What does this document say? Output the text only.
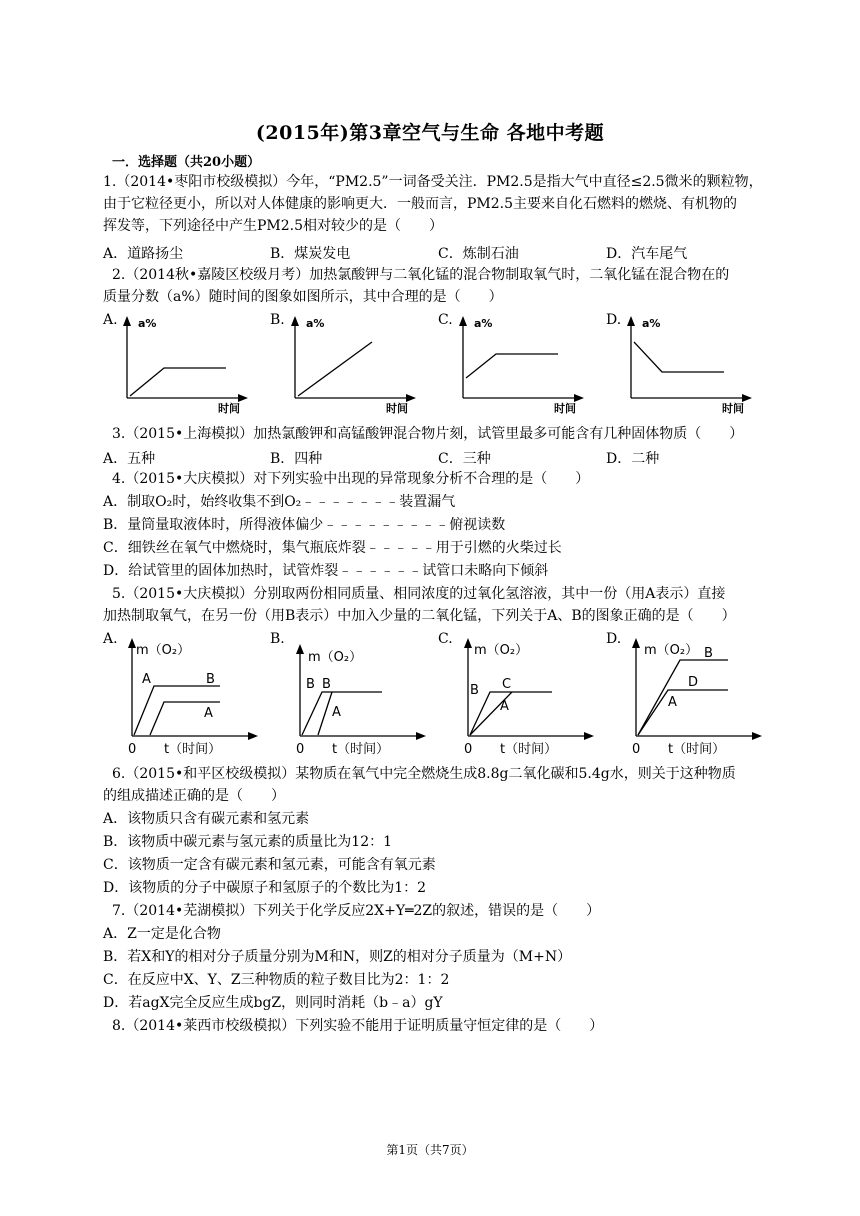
(2015年)第3章空气与生命 各地中考题
一．选择题（共20小题）
1.（2014•枣阳市校级模拟）今年，“PM2.5”一词备受关注．PM2.5是指大气中直径≤2.5微米的颗粒物，
由于它粒径更小，所以对人体健康的影响更大．一般而言，PM2.5主要来自化石燃料的燃烧、有机物的
挥发等，下列途径中产生PM2.5相对较少的是（　　）
A．道路扬尘	B．煤炭发电	C．炼制石油	D．汽车尾气
2.（2014秋•嘉陵区校级月考）加热氯酸钾与二氧化锰的混合物制取氧气时，二氧化锰在混合物在的
质量分数（a%）随时间的图象如图所示，其中合理的是（　　）
A.	B.	C.	D.
a%
时间
a%
时间
a%
时间
a%
时间
3.（2015•上海模拟）加热氯酸钾和高锰酸钾混合物片刻，试管里最多可能含有几种固体物质（　　）
A．五种	B．四种	C．三种	D．二种
4.（2015•大庆模拟）对下列实验中出现的异常现象分析不合理的是（　　）
A．制取O₂时，始终收集不到O₂﹣﹣﹣﹣﹣﹣﹣装置漏气
B．量筒量取液体时，所得液体偏少﹣﹣﹣﹣﹣﹣﹣﹣﹣俯视读数
C．细铁丝在氧气中燃烧时，集气瓶底炸裂﹣﹣﹣﹣﹣用于引燃的火柴过长
D．给试管里的固体加热时，试管炸裂﹣﹣﹣﹣﹣﹣试管口未略向下倾斜
5.（2015•大庆模拟）分别取两份相同质量、相同浓度的过氧化氢溶液，其中一份（用A表示）直接
加热制取氧气，在另一份（用B表示）中加入少量的二氧化锰，下列关于A、B的图象正确的是（　　）
A.	B.	C.	D.
m（O₂）
A	B
A
0 t（时间）
m（O₂）
B B
A
0 t（时间）
m（O₂）
B C
A
0 t（时间）
m（O₂） B
D
A
0 t（时间）
6.（2015•和平区校级模拟）某物质在氧气中完全燃烧生成8.8g二氧化碳和5.4g水，则关于这种物质
的组成描述正确的是（　　）
A．该物质只含有碳元素和氢元素
B．该物质中碳元素与氢元素的质量比为12：1
C．该物质一定含有碳元素和氢元素，可能含有氧元素
D．该物质的分子中碳原子和氢原子的个数比为1：2
7.（2014•芜湖模拟）下列关于化学反应2X+Y═2Z的叙述，错误的是（　　）
A．Z一定是化合物
B．若X和Y的相对分子质量分别为M和N，则Z的相对分子质量为（M+N）
C．在反应中X、Y、Z三种物质的粒子数目比为2：1：2
D．若agX完全反应生成bgZ，则同时消耗（b﹣a）gY
8.（2014•莱西市校级模拟）下列实验不能用于证明质量守恒定律的是（　　）
第1页（共7页）
